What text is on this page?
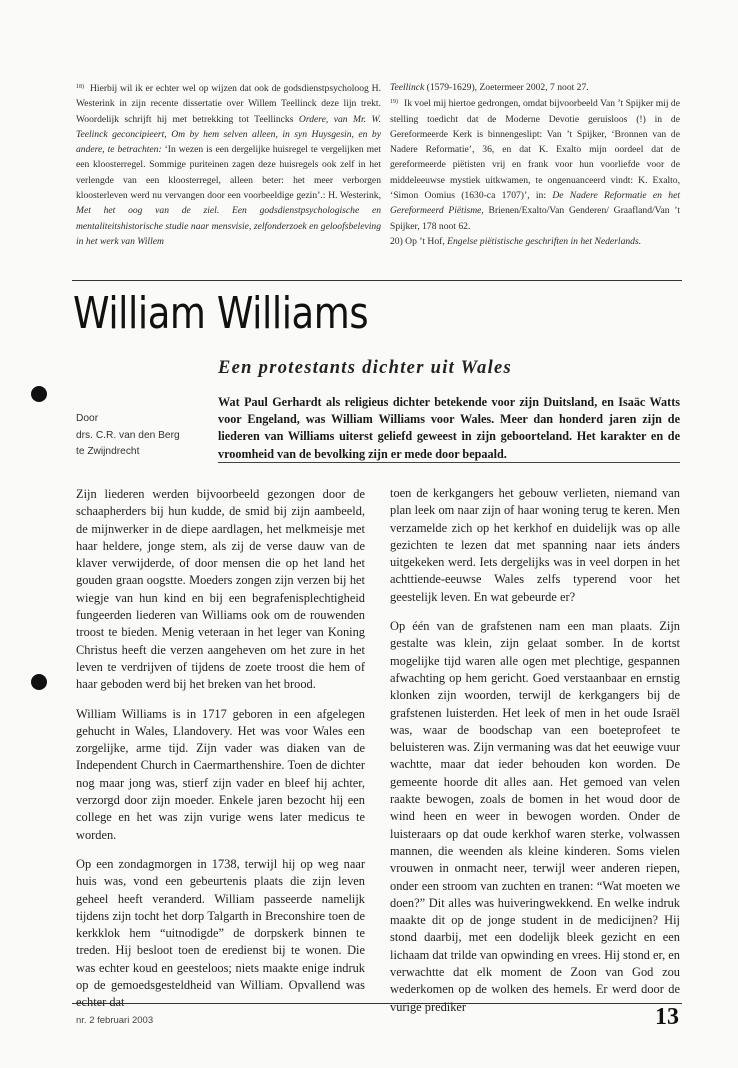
$^{18)}$ Hierbij wil ik er echter wel op wijzen dat ook de godsdienstpsycholoog H. Westerink in zijn recente dissertatie over Willem Teellinck deze lijn trekt. Woordelijk schrijft hij met betrekking tot Teellincks Ordere, van Mr. W. Teelinck geconcipieert, Om by hem selven alleen, in syn Huysgesin, en by andere, te betrachten: ‘In wezen is een dergelijke huisregel te vergelijken met een kloosterregel. Sommige puriteinen zagen deze huisregels ook zelf in het verlengde van een kloosterregel, alleen beter: het meer verborgen kloosterleven werd nu vervangen door een voorbeeldige gezin’.: H. Westerink, Met het oog van de ziel. Een godsdienstpsychologische en mentaliteitshistorische studie naar mensvisie, zelfonderzoek en geloofsbeleving in het werk van Willem

Teellinck (1579-1629), Zoetermeer 2002, 7 noot 27.

$^{19)}$ Ik voel mij hiertoe gedrongen, omdat bijvoorbeeld Van ’t Spijker mij de stelling toedicht dat de Moderne Devotie geruisloos (!) in de Gereformeerde Kerk is binnengeslipt: Van ’t Spijker, ‘Bronnen van de Nadere Reformatie’, 36, en dat K. Exalto mijn oordeel dat de gereformeerde piëtisten vrij en frank voor hun voorliefde voor de middeleeuwse mystiek uitkwamen, te ongenuanceerd vindt: K. Exalto, ‘Simon Oomius (1630-ca 1707)’, in: De Nadere Reformatie en het Gereformeerd Piëtisme, Brienen/Exalto/Van Genderen/ Graafland/Van ’t Spijker, 178 noot 62.

20) Op ’t Hof, Engelse piëtistische geschriften in het Nederlands.

William Williams
Een protestants dichter uit Wales
Door
drs. C.R. van den Berg
te Zwijndrecht

Wat Paul Gerhardt als religieus dichter betekende voor zijn Duitsland, en Isaäc Watts voor Engeland, was William Williams voor Wales. Meer dan honderd jaren zijn de liederen van Williams uiterst geliefd geweest in zijn geboorteland. Het karakter en de vroomheid van de bevolking zijn er mede door bepaald.

Zijn liederen werden bijvoorbeeld gezongen door de schaapherders bij hun kudde, de smid bij zijn aambeeld, de mijnwerker in de diepe aardlagen, het melkmeisje met haar heldere, jonge stem, als zij de verse dauw van de klaver verwijderde, of door mensen die op het land het gouden graan oogstte. Moeders zongen zijn verzen bij het wiegje van hun kind en bij een begrafenisplechtigheid fungeerden liederen van Williams ook om de rouwenden troost te bieden. Menig veteraan in het leger van Koning Christus heeft die verzen aangeheven om het zure in het leven te verdrijven of tijdens de zoete troost die hem of haar geboden werd bij het breken van het brood.

William Williams is in 1717 geboren in een afgelegen gehucht in Wales, Llandovery. Het was voor Wales een zorgelijke, arme tijd. Zijn vader was diaken van de Independent Church in Caermarthenshire. Toen de dichter nog maar jong was, stierf zijn vader en bleef hij achter, verzorgd door zijn moeder. Enkele jaren bezocht hij een college en het was zijn vurige wens later medicus te worden.

Op een zondagmorgen in 1738, terwijl hij op weg naar huis was, vond een gebeurtenis plaats die zijn leven geheel heeft veranderd. William passeerde namelijk tijdens zijn tocht het dorp Talgarth in Breconshire toen de kerkklok hem “uitnodigde” de dorpskerk binnen te treden. Hij besloot toen de eredienst bij te wonen. Die was echter koud en geesteloos; niets maakte enige indruk op de gemoedsgesteldheid van William. Opvallend was echter dat

toen de kerkgangers het gebouw verlieten, niemand van plan leek om naar zijn of haar woning terug te keren. Men verzamelde zich op het kerkhof en duidelijk was op alle gezichten te lezen dat met spanning naar iets ánders uitgekeken werd. Iets dergelijks was in veel dorpen in het achttiende-eeuwse Wales zelfs typerend voor het geestelijk leven. En wat gebeurde er?

Op één van de grafstenen nam een man plaats. Zijn gestalte was klein, zijn gelaat somber. In de kortst mogelijke tijd waren alle ogen met plechtige, gespannen afwachting op hem gericht. Goed verstaanbaar en ernstig klonken zijn woorden, terwijl de kerkgangers bij de grafstenen luisterden. Het leek of men in het oude Israël was, waar de boodschap van een boeteprofeet te beluisteren was. Zijn vermaning was dat het eeuwige vuur wachtte, maar dat ieder behouden kon worden. De gemeente hoorde dit alles aan. Het gemoed van velen raakte bewogen, zoals de bomen in het woud door de wind heen en weer in bewogen worden. Onder de luisteraars op dat oude kerkhof waren sterke, volwassen mannen, die weenden als kleine kinderen. Soms vielen vrouwen in onmacht neer, terwijl weer anderen riepen, onder een stroom van zuchten en tranen: “Wat moeten we doen?” Dit alles was huiveringwekkend. En welke indruk maakte dit op de jonge student in de medicijnen? Hij stond daarbij, met een dodelijk bleek gezicht en een lichaam dat trilde van opwinding en vrees. Hij stond er, en verwachtte dat elk moment de Zoon van God zou wederkomen op de wolken des hemels. Er werd door de vurige prediker

nr. 2 februari 2003	13
